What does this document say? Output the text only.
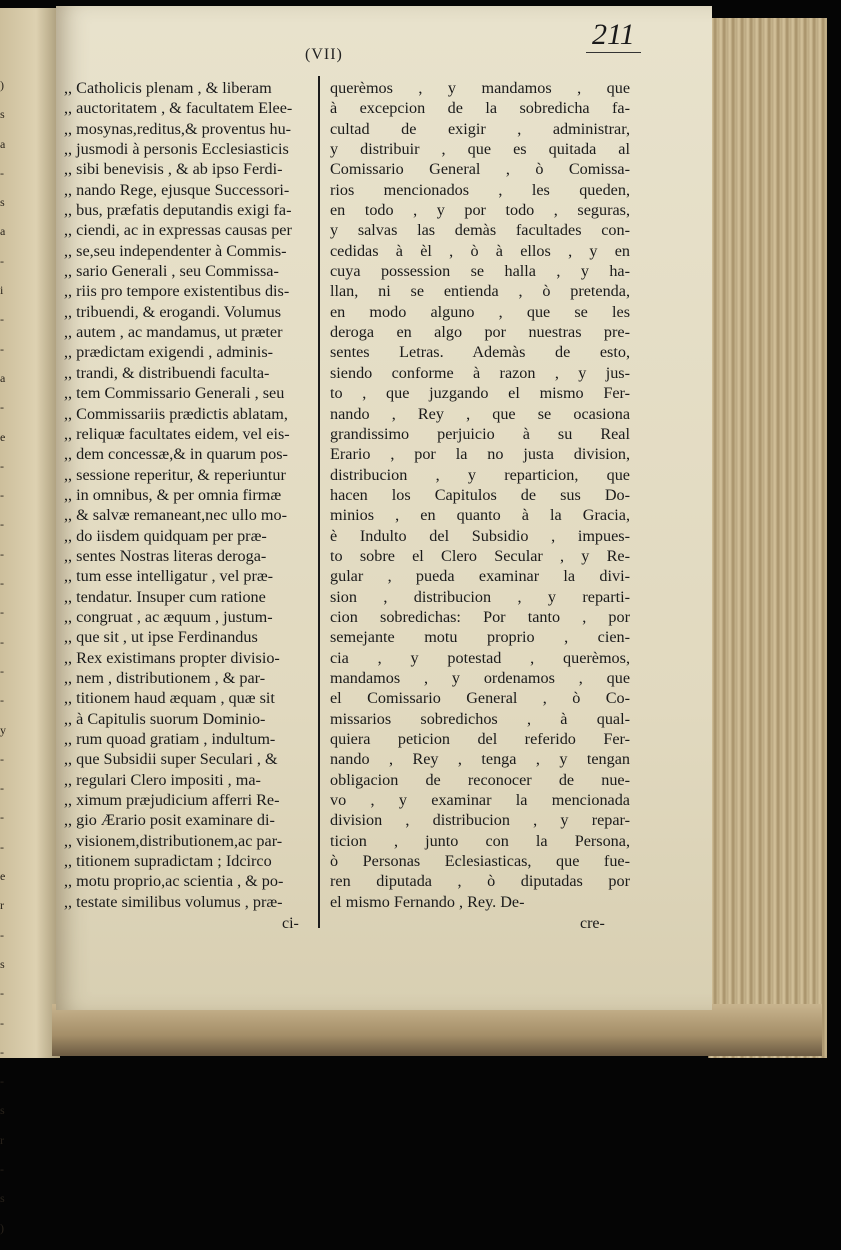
)
s
a
-
s
a
-
i
-
-
a
-
e
-
-
-
-
-
-
-
-
-
y
-
-
-
-
e
r
-
s
-
-
-
-
s
r
-
s
)
(VII)
211
,, Catholicis plenam , & liberam
,, auctoritatem , & facultatem Elee-
,, mosynas,reditus,& proventus hu-
,, jusmodi à personis Ecclesiasticis
,, sibi benevisis , & ab ipso Ferdi-
,, nando Rege, ejusque Successori-
,, bus, præfatis deputandis exigi fa-
,, ciendi, ac in expressas causas per
,, se,seu independenter à Commis-
,, sario Generali , seu Commissa-
,, riis pro tempore existentibus dis-
,, tribuendi, & erogandi. Volumus
,, autem , ac mandamus, ut præter
,, prædictam exigendi , adminis-
,, trandi, & distribuendi faculta-
,, tem Commissario Generali , seu
,, Commissariis prædictis ablatam,
,, reliquæ facultates eidem, vel eis-
,, dem concessæ,& in quarum pos-
,, sessione reperitur, & reperiuntur
,, in omnibus, & per omnia firmæ
,, & salvæ remaneant,nec ullo mo-
,, do iisdem quidquam per præ-
,, sentes Nostras literas deroga-
,, tum esse intelligatur , vel præ-
,, tendatur. Insuper cum ratione
,, congruat , ac æquum , justum-
,, que sit , ut ipse Ferdinandus
,, Rex existimans propter divisio-
,, nem , distributionem , & par-
,, titionem haud æquam , quæ sit
,, à Capitulis suorum Dominio-
,, rum quoad gratiam , indultum-
,, que Subsidii super Seculari , &
,, regulari Clero impositi , ma-
,, ximum præjudicium afferri Re-
,, gio Ærario posit examinare di-
,, visionem,distributionem,ac par-
,, titionem supradictam ; Idcirco
,, motu proprio,ac scientia , & po-
,, testate similibus volumus , præ-
querèmos , y mandamos , que
à excepcion de la sobredicha fa-
cultad de exigir , administrar,
y distribuir , que es quitada al
Comissario General , ò Comissa-
rios mencionados , les queden,
en todo , y por todo , seguras,
y salvas las demàs facultades con-
cedidas à èl , ò à ellos , y en
cuya possession se halla , y ha-
llan, ni se entienda , ò pretenda,
en modo alguno , que se les
deroga en algo por nuestras pre-
sentes Letras. Ademàs de esto,
siendo conforme à razon , y jus-
to , que juzgando el mismo Fer-
nando , Rey , que se ocasiona
grandissimo perjuicio à su Real
Erario , por la no justa division,
distribucion , y reparticion, que
hacen los Capitulos de sus Do-
minios , en quanto à la Gracia,
è Indulto del Subsidio , impues-
to sobre el Clero Secular , y Re-
gular , pueda examinar la divi-
sion , distribucion , y reparti-
cion sobredichas: Por tanto , por
semejante motu proprio , cien-
cia , y potestad , querèmos,
mandamos , y ordenamos , que
el Comissario General , ò Co-
missarios sobredichos , à qual-
quiera peticion del referido Fer-
nando , Rey , tenga , y tengan
obligacion de reconocer de nue-
vo , y examinar la mencionada
division , distribucion , y repar-
ticion , junto con la Persona,
ò Personas Eclesiasticas, que fue-
ren diputada , ò diputadas por
el mismo Fernando , Rey. De-
ci-	cre-
